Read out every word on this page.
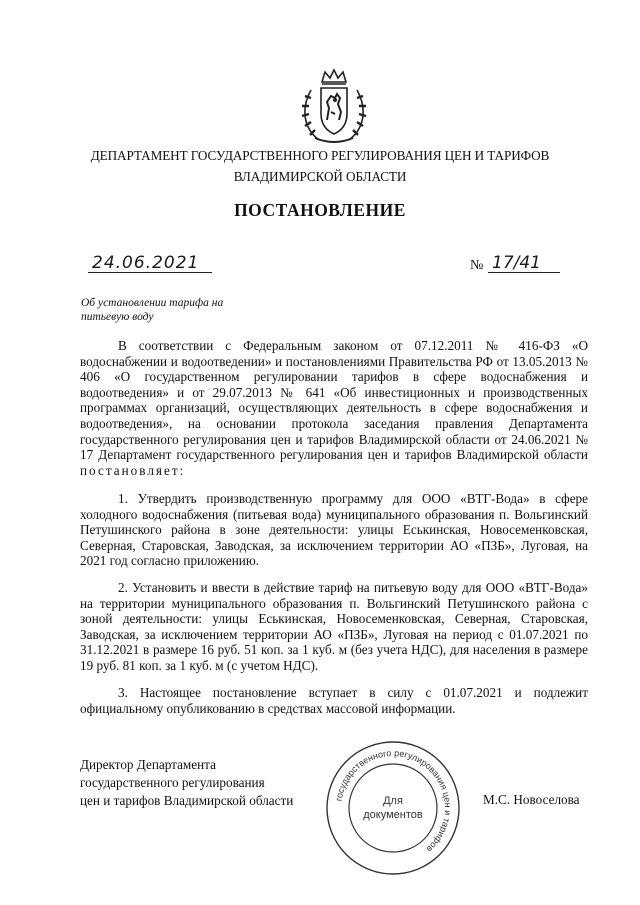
ДЕПАРТАМЕНТ ГОСУДАРСТВЕННОГО РЕГУЛИРОВАНИЯ ЦЕН И ТАРИФОВ
ВЛАДИМИРСКОЙ ОБЛАСТИ
ПОСТАНОВЛЕНИЕ
24.06.2021	№ 17/41
Об установлении тарифа на
питьевую воду
В соответствии с Федеральным законом от 07.12.2011 № 416-ФЗ «О водоснабжении и водоотведении» и постановлениями Правительства РФ от 13.05.2013 № 406 «О государственном регулировании тарифов в сфере водоснабжения и водоотведения» и от 29.07.2013 № 641 «Об инвестиционных и производственных программах организаций, осуществляющих деятельность в сфере водоснабжения и водоотведения», на основании протокола заседания правления Департамента государственного регулирования цен и тарифов Владимирской области от 24.06.2021 № 17 Департамент государственного регулирования цен и тарифов Владимирской области постановляет:
1. Утвердить производственную программу для ООО «ВТГ-Вода» в сфере холодного водоснабжения (питьевая вода) муниципального образования п. Вольгинский Петушинского района в зоне деятельности: улицы Еськинская, Новосеменковская, Северная, Старовская, Заводская, за исключением территории АО «ПЗБ», Луговая, на 2021 год согласно приложению.
2. Установить и ввести в действие тариф на питьевую воду для ООО «ВТГ-Вода» на территории муниципального образования п. Вольгинский Петушинского района с зоной деятельности: улицы Еськинская, Новосеменковская, Северная, Старовская, Заводская, за исключением территории АО «ПЗБ», Луговая на период с 01.07.2021 по 31.12.2021 в размере 16 руб. 51 коп. за 1 куб. м (без учета НДС), для населения в размере 19 руб. 81 коп. за 1 куб. м (с учетом НДС).
3. Настоящее постановление вступает в силу с 01.07.2021 и подлежит официальному опубликованию в средствах массовой информации.
Директор Департамента
государственного регулирования
цен и тарифов Владимирской области	государственного регулирования цен и тарифов
Для
документов
М.С. Новоселова
